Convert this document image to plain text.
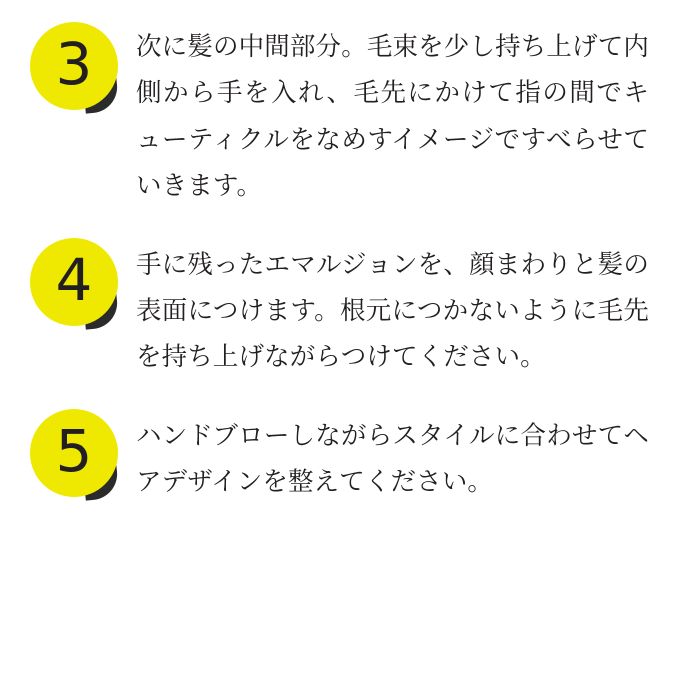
3 次に髪の中間部分。毛束を少し持ち上げて内側から手を入れ、毛先にかけて指の間でキューティクルをなめすイメージですべらせていきます。
4 手に残ったエマルジョンを、顔まわりと髪の表面につけます。根元につかないように毛先を持ち上げながらつけてください。
5 ハンドブローしながらスタイルに合わせてヘアデザインを整えてください。
